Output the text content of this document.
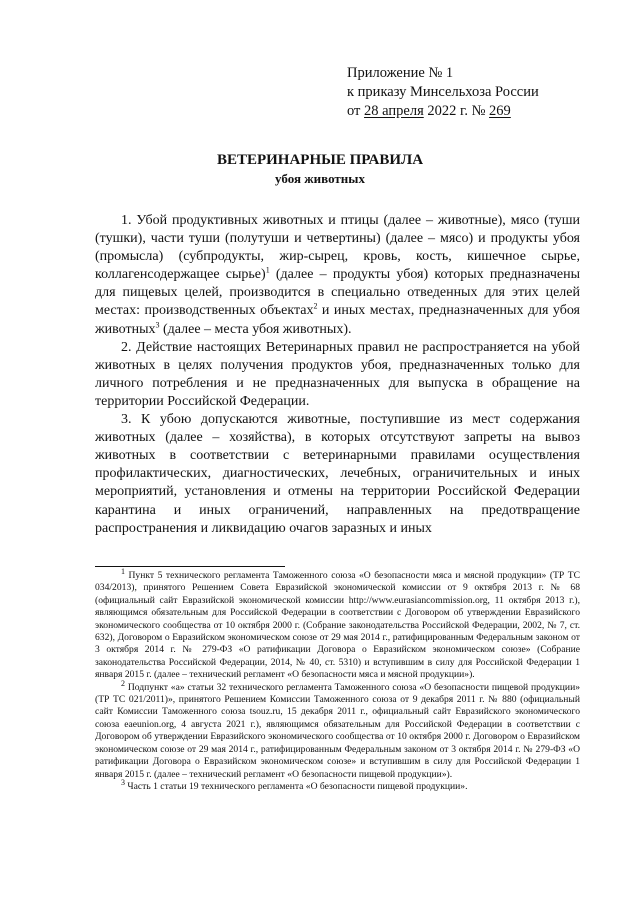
Приложение № 1
к приказу Минсельхоза России
от 28 апреля 2022 г. № 269
ВЕТЕРИНАРНЫЕ ПРАВИЛА
убоя животных

1. Убой продуктивных животных и птицы (далее – животные), мясо (туши (тушки), части туши (полутуши и четвертины) (далее – мясо) и продукты убоя (промысла) (субпродукты, жир-сырец, кровь, кость, кишечное сырье, коллагенсодержащее сырье)$^1$ (далее – продукты убоя) которых предназначены для пищевых целей, производится в специально отведенных для этих целей местах: производственных объектах$^2$ и иных местах, предназначенных для убоя животных$^3$ (далее – места убоя животных).

2. Действие настоящих Ветеринарных правил не распространяется на убой животных в целях получения продуктов убоя, предназначенных только для личного потребления и не предназначенных для выпуска в обращение на территории Российской Федерации.

3. К убою допускаются животные, поступившие из мест содержания животных (далее – хозяйства), в которых отсутствуют запреты на вывоз животных в соответствии с ветеринарными правилами осуществления профилактических, диагностических, лечебных, ограничительных и иных мероприятий, установления и отмены на территории Российской Федерации карантина и иных ограничений, направленных на предотвращение распространения и ликвидацию очагов заразных и иных

$^1$ Пункт 5 технического регламента Таможенного союза «О безопасности мяса и мясной продукции» (ТР ТС 034/2013), принятого Решением Совета Евразийской экономической комиссии от 9 октября 2013 г. № 68 (официальный сайт Евразийской экономической комиссии http://www.eurasiancommission.org, 11 октября 2013 г.), являющимся обязательным для Российской Федерации в соответствии с Договором об утверждении Евразийского экономического сообщества от 10 октября 2000 г. (Собрание законодательства Российской Федерации, 2002, № 7, ст. 632), Договором о Евразийском экономическом союзе от 29 мая 2014 г., ратифицированным Федеральным законом от 3 октября 2014 г. № 279-ФЗ «О ратификации Договора о Евразийском экономическом союзе» (Собрание законодательства Российской Федерации, 2014, № 40, ст. 5310) и вступившим в силу для Российской Федерации 1 января 2015 г. (далее – технический регламент «О безопасности мяса и мясной продукции»).

$^2$ Подпункт «а» статьи 32 технического регламента Таможенного союза «О безопасности пищевой продукции» (ТР ТС 021/2011)», принятого Решением Комиссии Таможенного союза от 9 декабря 2011 г. № 880 (официальный сайт Комиссии Таможенного союза tsouz.ru, 15 декабря 2011 г., официальный сайт Евразийского экономического союза eaeunion.org, 4 августа 2021 г.), являющимся обязательным для Российской Федерации в соответствии с Договором об утверждении Евразийского экономического сообщества от 10 октября 2000 г. Договором о Евразийском экономическом союзе от 29 мая 2014 г., ратифицированным Федеральным законом от 3 октября 2014 г. № 279-ФЗ «О ратификации Договора о Евразийском экономическом союзе» и вступившим в силу для Российской Федерации 1 января 2015 г. (далее – технический регламент «О безопасности пищевой продукции»).

$^3$ Часть 1 статьи 19 технического регламента «О безопасности пищевой продукции».
